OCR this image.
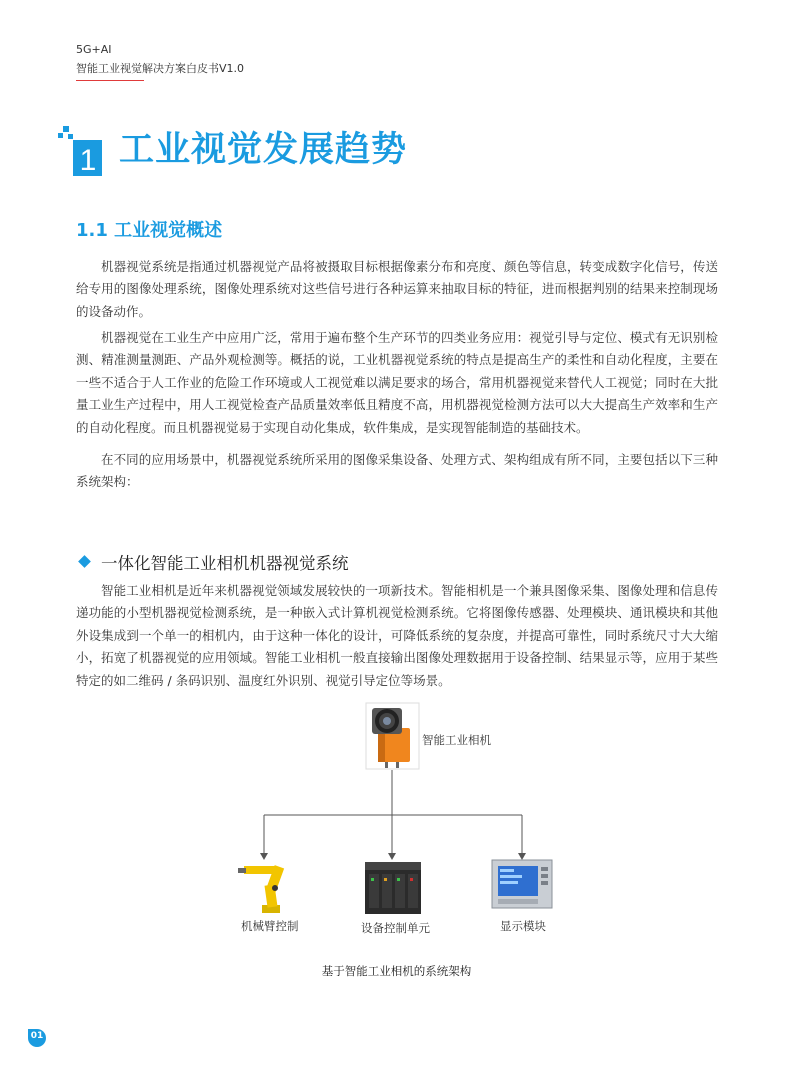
5G+AI
智能工业视觉解决方案白皮书V1.0
1 工业视觉发展趋势
1.1 工业视觉概述

机器视觉系统是指通过机器视觉产品将被摄取目标根据像素分布和亮度、颜色等信息，转变成数字化信号，传送给专用的图像处理系统，图像处理系统对这些信号进行各种运算来抽取目标的特征，进而根据判别的结果来控制现场的设备动作。

机器视觉在工业生产中应用广泛，常用于遍布整个生产环节的四类业务应用：视觉引导与定位、模式有无识别检测、精准测量测距、产品外观检测等。概括的说，工业机器视觉系统的特点是提高生产的柔性和自动化程度，主要在一些不适合于人工作业的危险工作环境或人工视觉难以满足要求的场合，常用机器视觉来替代人工视觉；同时在大批量工业生产过程中，用人工视觉检查产品质量效率低且精度不高，用机器视觉检测方法可以大大提高生产效率和生产的自动化程度。而且机器视觉易于实现自动化集成，软件集成，是实现智能制造的基础技术。

在不同的应用场景中，机器视觉系统所采用的图像采集设备、处理方式、架构组成有所不同，主要包括以下三种系统架构：

一体化智能工业相机机器视觉系统

智能工业相机是近年来机器视觉领域发展较快的一项新技术。智能相机是一个兼具图像采集、图像处理和信息传递功能的小型机器视觉检测系统，是一种嵌入式计算机视觉检测系统。它将图像传感器、处理模块、通讯模块和其他外设集成到一个单一的相机内，由于这种一体化的设计，可降低系统的复杂度，并提高可靠性，同时系统尺寸大大缩小，拓宽了机器视觉的应用领域。智能工业相机一般直接输出图像处理数据用于设备控制、结果显示等，应用于某些特定的如二维码 / 条码识别、温度红外识别、视觉引导定位等场景。

智能工业相机
机械臂控制	设备控制单元	显示模块
基于智能工业相机的系统架构
01
